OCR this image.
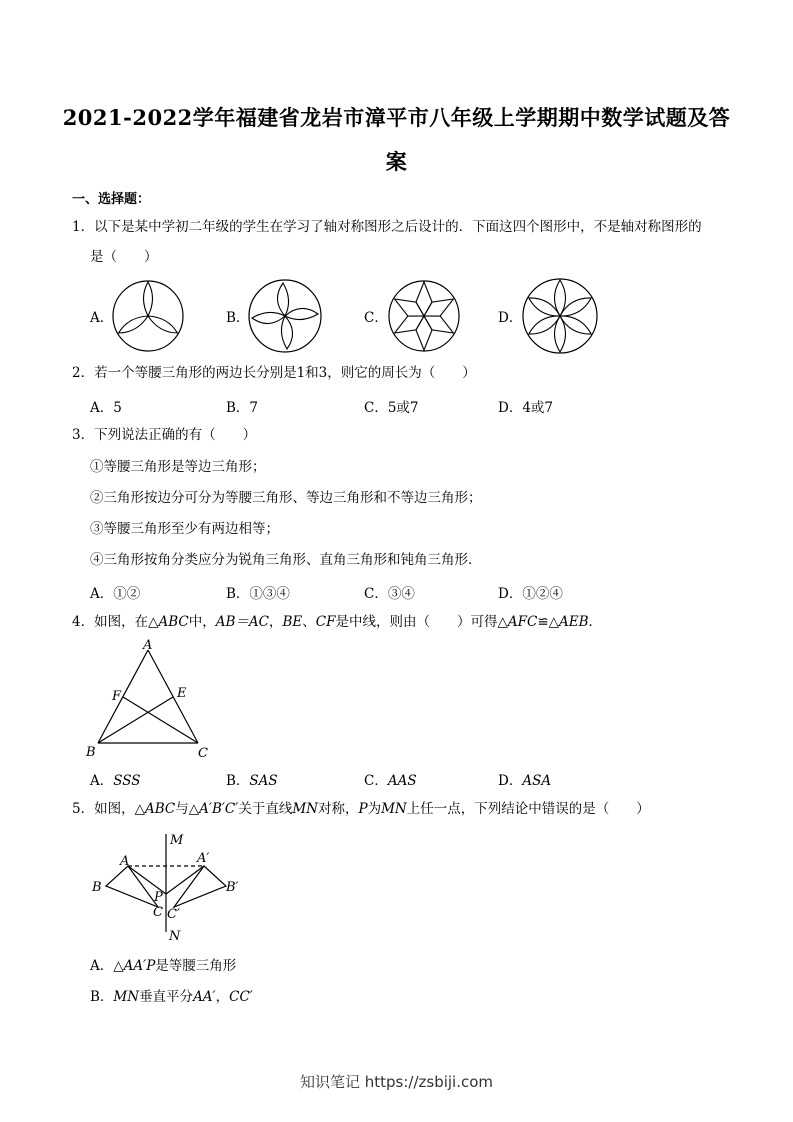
2021-2022学年福建省龙岩市漳平市八年级上学期期中数学试题及答
案
一、选择题：
1．以下是某中学初二年级的学生在学习了轴对称图形之后设计的．下面这四个图形中，不是轴对称图形的
是（　　）
A．	B．	C．	D．
2．若一个等腰三角形的两边长分别是1和3，则它的周长为（　　）
A．5	B．7	C．5或7	D．4或7
3．下列说法正确的有（　　）
①等腰三角形是等边三角形；
②三角形按边分可分为等腰三角形、等边三角形和不等边三角形；
③等腰三角形至少有两边相等；
④三角形按角分类应分为锐角三角形、直角三角形和钝角三角形．
A．①②	B．①③④	C．③④	D．①②④
4．如图，在△ABC中，AB＝AC，BE、CF是中线，则由（　　）可得△AFC≌△AEB．
A
B	C
E
F
A．SSS	B．SAS	C．AAS	D．ASA
5．如图，△ABC与△A′B′C′关于直线MN对称，P为MN上任一点，下列结论中错误的是（　　）
M
N
A	A′
B	B′
C C′
P
A．△AA′P是等腰三角形
B．MN垂直平分AA′，CC′
知识笔记 https://zsbiji.com
